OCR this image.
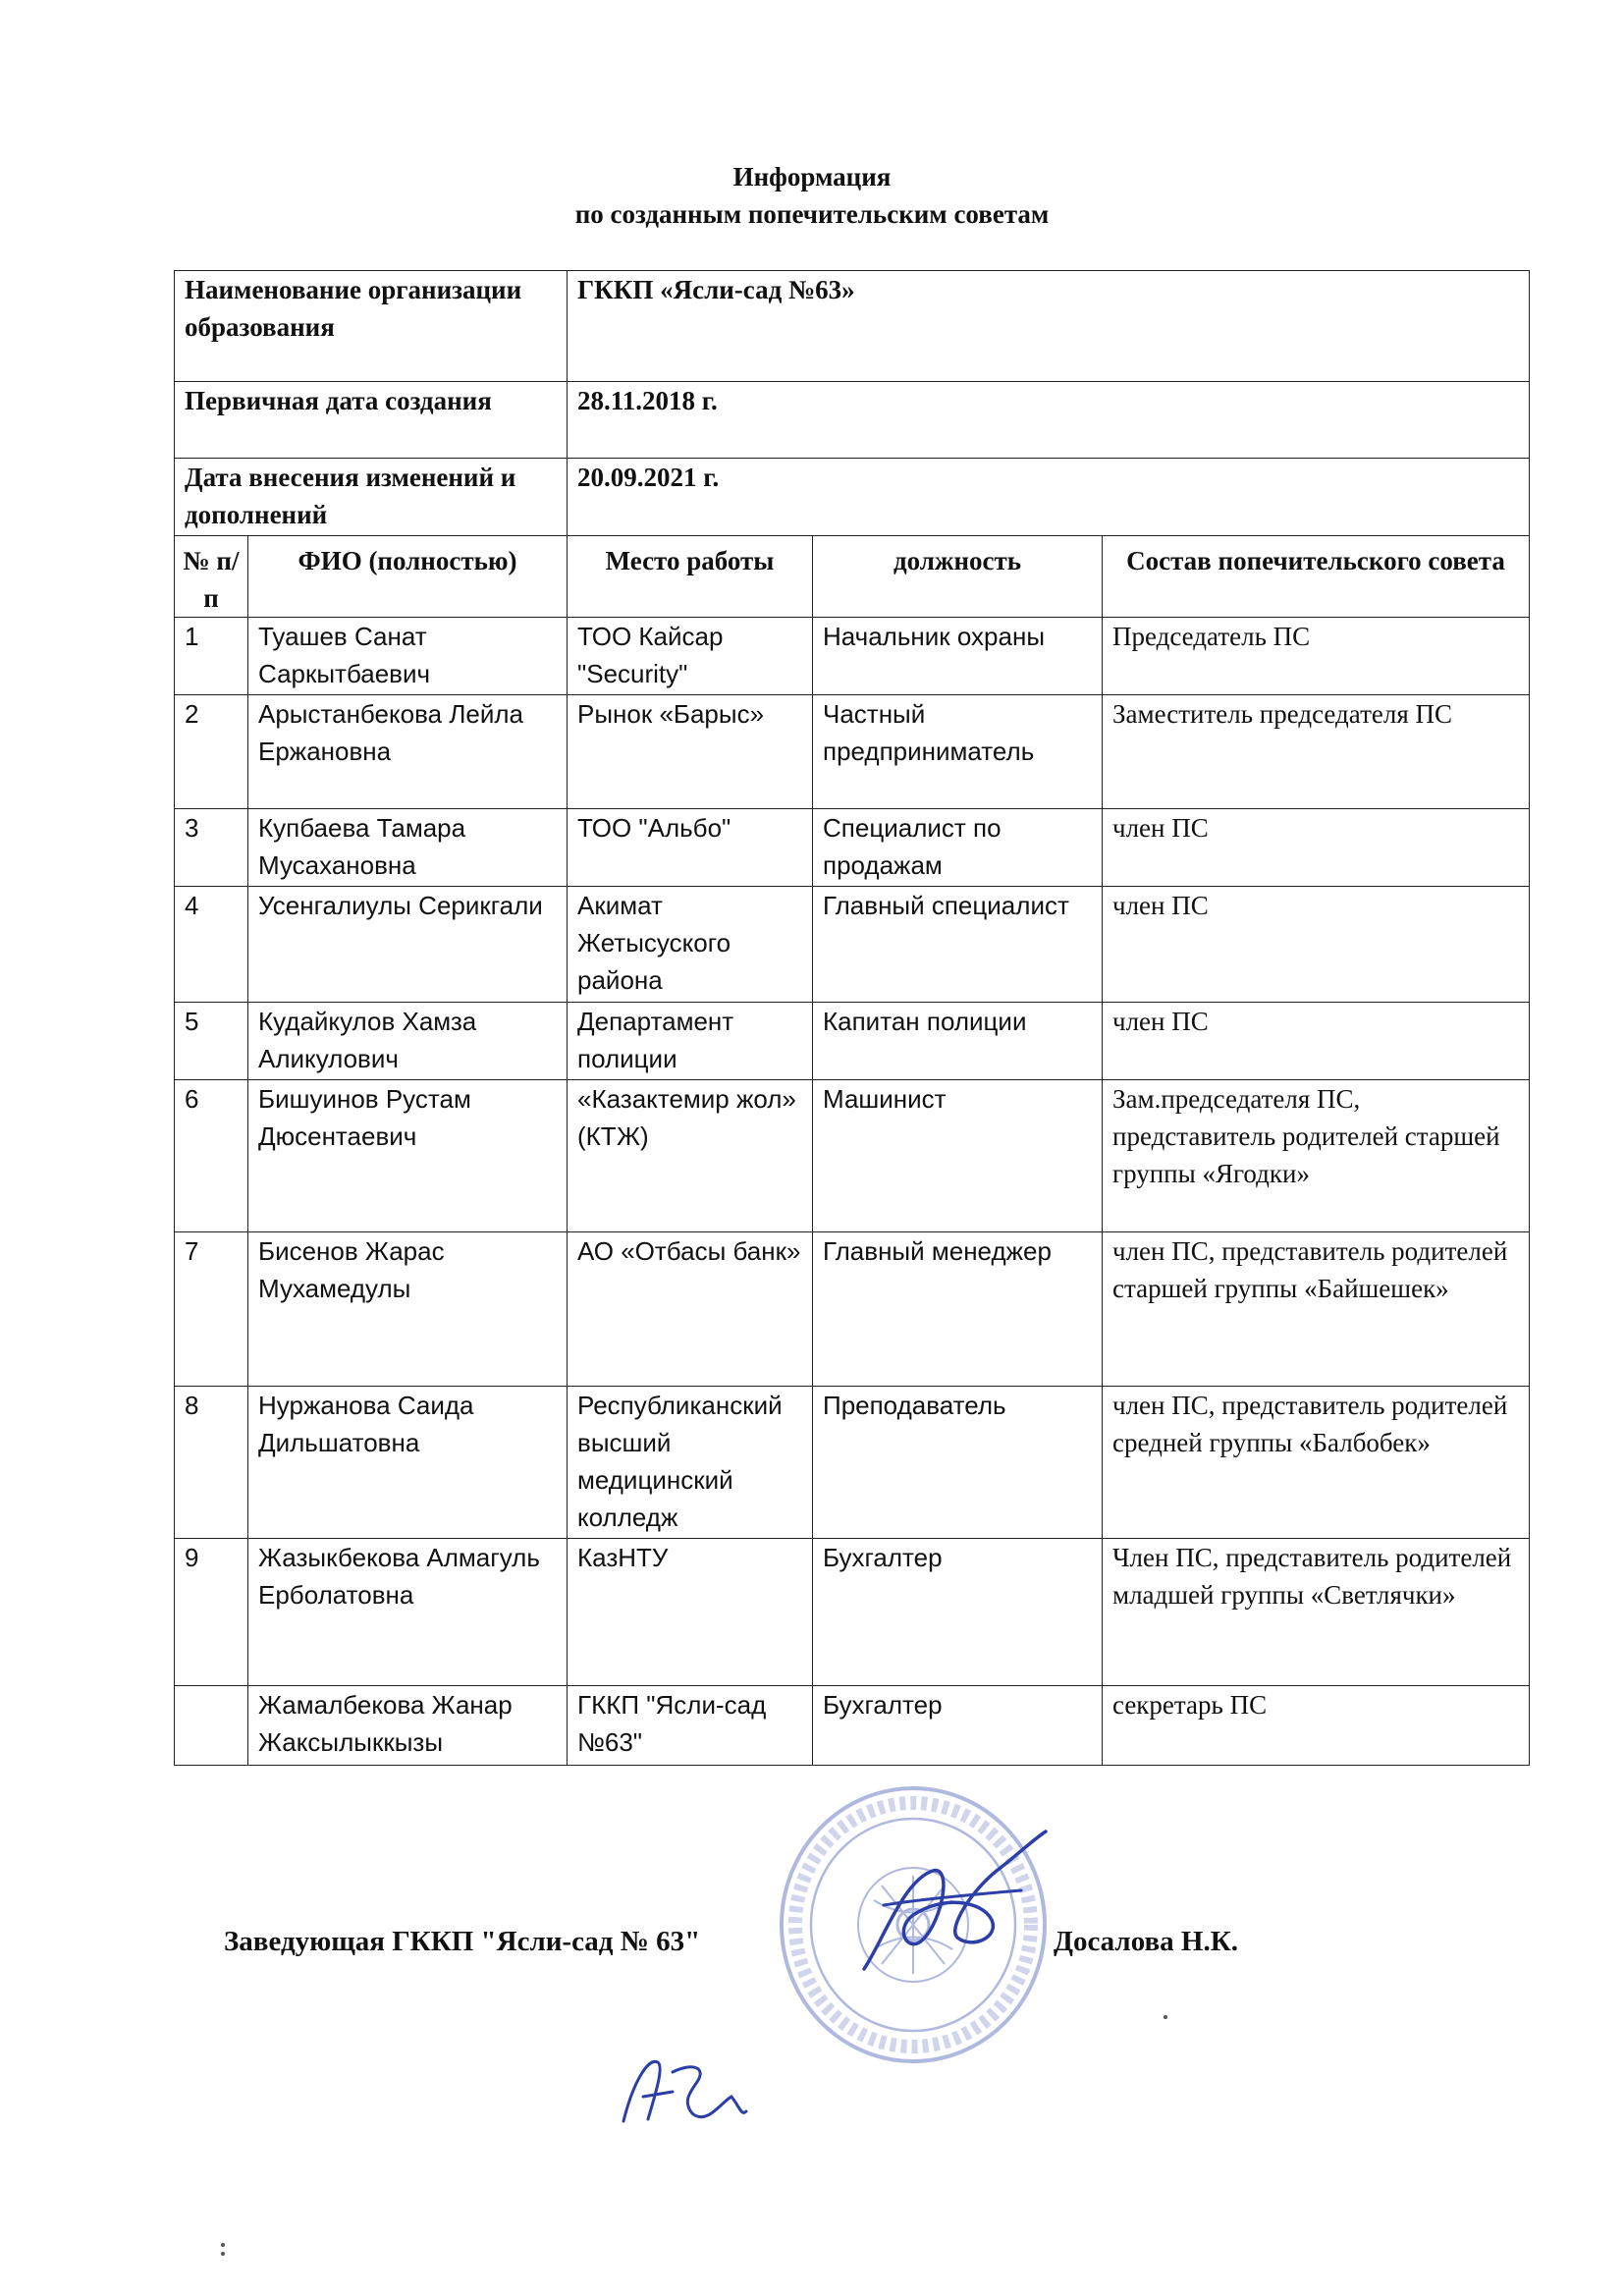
Информация
по созданным попечительским советам
Наименование организации образования		ГККП «Ясли-сад №63»		
Первичная дата создания		28.11.2018 г.		
Дата внесения изменений и дополнений		20.09.2021 г.		
№ п/п	ФИО (полностью)	Место работы	должность	Состав попечительского совета
1	Туашев Санат Саркытбаевич	ТОО Кайсар "Security"	Начальник охраны	Председатель ПС
2	Арыстанбекова Лейла Ержановна	Рынок «Барыс»	Частный предприниматель	Заместитель председателя ПС
3	Купбаева Тамара Мусахановна	ТОО "Альбо"	Специалист по продажам	член ПС
4	Усенгалиулы Серикгали	Акимат Жетысуского района	Главный специалист	член ПС
5	Кудайкулов Хамза Аликулович	Департамент полиции	Капитан полиции	член ПС
6	Бишуинов Рустам Дюсентаевич	«Казактемир жол» (КТЖ)	Машинист	Зам.председателя ПС, представитель родителей старшей группы «Ягодки»
7	Бисенов Жарас Мухамедулы	АО «Отбасы банк»	Главный менеджер	член ПС, представитель родителей старшей группы «Байшешек»
8	Нуржанова Саида Дильшатовна	Республиканский высший медицинский колледж	Преподаватель	член ПС, представитель родителей средней группы «Балбобек»
9	Жазыкбекова Алмагуль Ерболатовна	КазНТУ	Бухгалтер	Член ПС, представитель родителей младшей группы «Светлячки»
	Жамалбекова Жанар Жаксылыккызы	ГККП "Ясли-сад №63"	Бухгалтер	секретарь ПС
Заведующая ГККП "Ясли-сад № 63"	Досалова Н.К.
